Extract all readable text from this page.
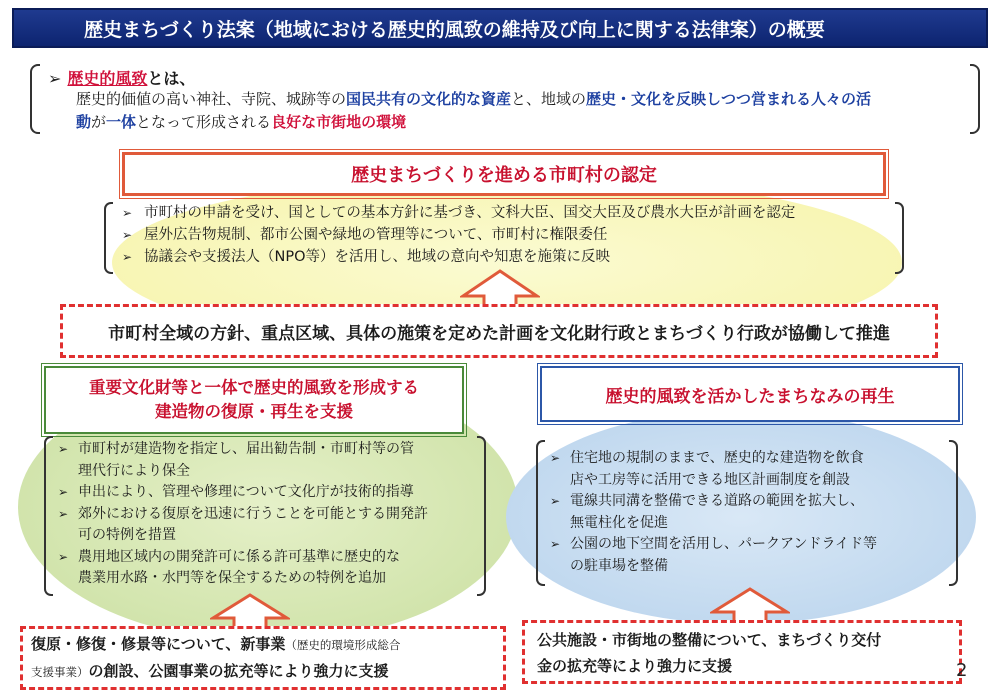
歴史まちづくり法案（地域における歴史的風致の維持及び向上に関する法律案）の概要
➢ 歴史的風致とは、
歴史的価値の高い神社、寺院、城跡等の国民共有の文化的な資産と、地域の歴史・文化を反映しつつ営まれる人々の活
動が一体となって形成される良好な市街地の環境
歴史まちづくりを進める市町村の認定
➢ 市町村の申請を受け、国としての基本方針に基づき、文科大臣、国交大臣及び農水大臣が計画を認定
➢ 屋外広告物規制、都市公園や緑地の管理等について、市町村に権限委任
➢ 協議会や支援法人（NPO等）を活用し、地域の意向や知恵を施策に反映
市町村全域の方針、重点区域、具体の施策を定めた計画を文化財行政とまちづくり行政が協働して推進
重要文化財等と一体で歴史的風致を形成する
建造物の復原・再生を支援
➢ 市町村が建造物を指定し、届出勧告制・市町村等の管
理代行により保全
➢ 申出により、管理や修理について文化庁が技術的指導
➢ 郊外における復原を迅速に行うことを可能とする開発許
可の特例を措置
➢ 農用地区域内の開発許可に係る許可基準に歴史的な
農業用水路・水門等を保全するための特例を追加
歴史的風致を活かしたまちなみの再生
➢ 住宅地の規制のままで、歴史的な建造物を飲食
店や工房等に活用できる地区計画制度を創設
➢ 電線共同溝を整備できる道路の範囲を拡大し、
無電柱化を促進
➢ 公園の地下空間を活用し、パークアンドライド等
の駐車場を整備
復原・修復・修景等について、新事業（歴史的環境形成総合
支援事業）の創設、公園事業の拡充等により強力に支援
公共施設・市街地の整備について、まちづくり交付
金の拡充等により強力に支援	2
